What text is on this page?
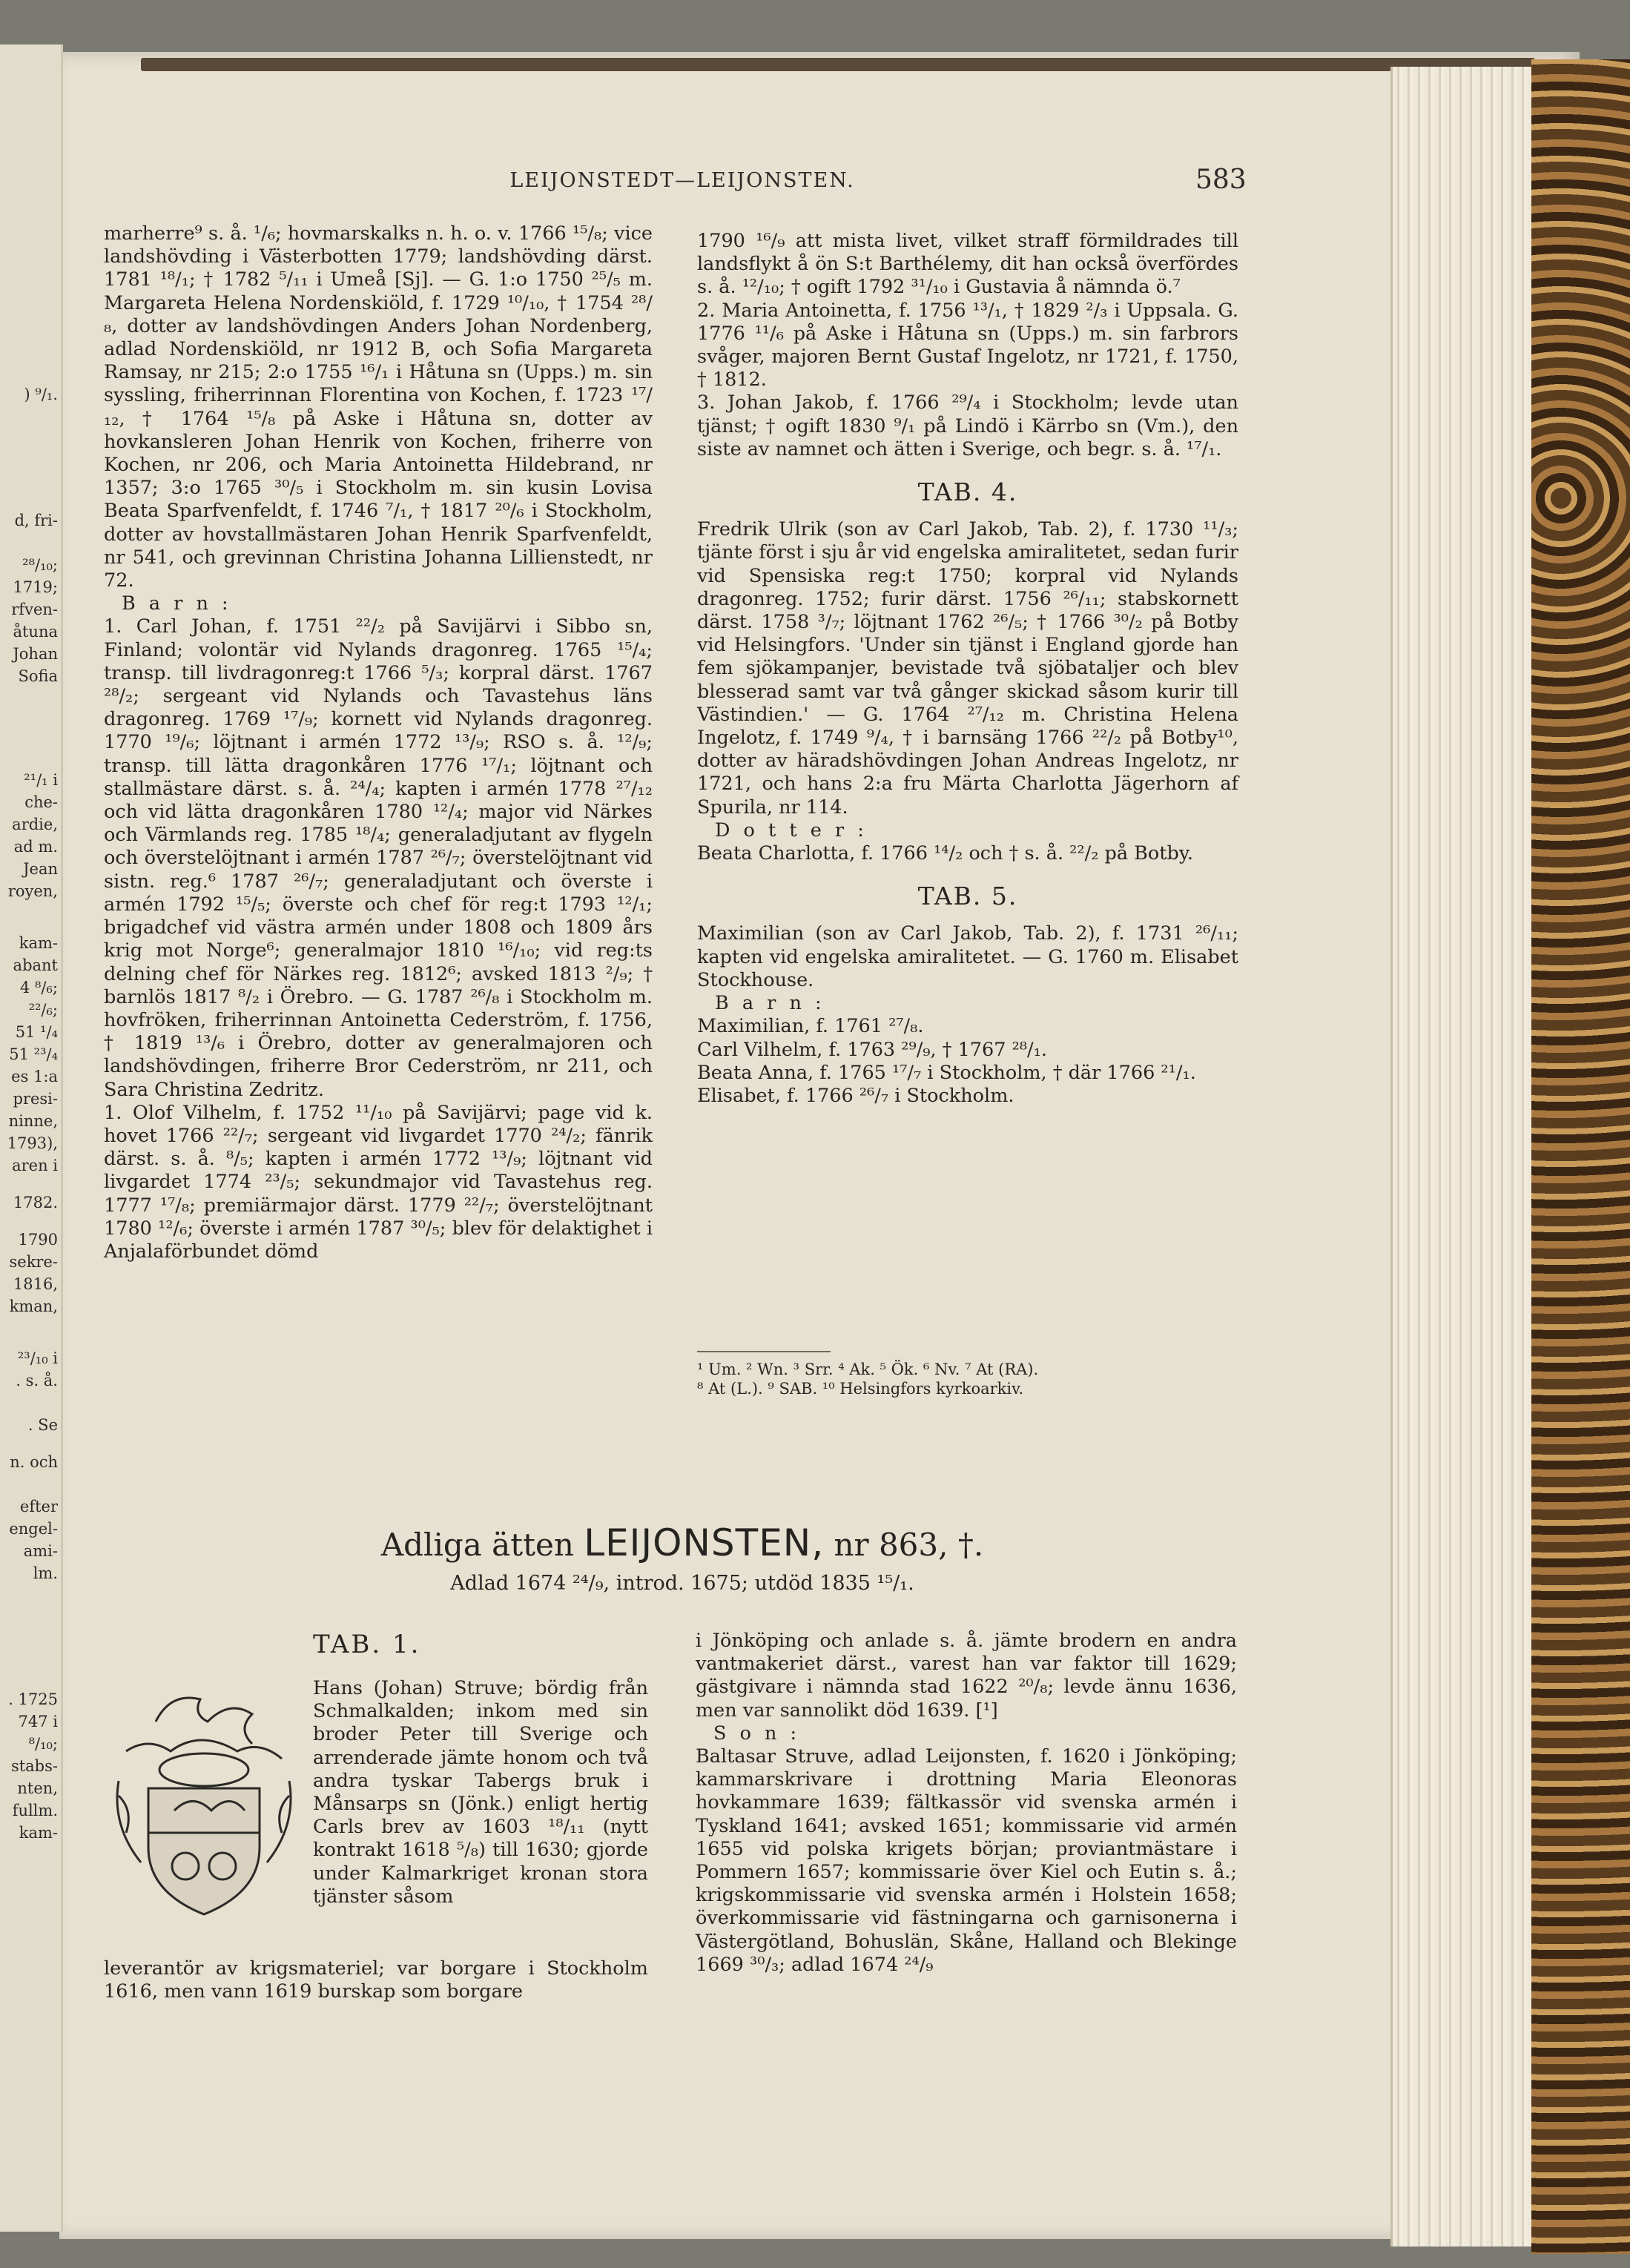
) ⁹/₁.
d, fri-
²⁸/₁₀;
1719;
rfven-
åtuna
Johan
Sofia
²¹/₁ i
che-
ardie,
ad m.
Jean
royen,
kam-
abant
4 ⁸/₆;
²²/₆;
51 ¹/₄
51 ²³/₄
es 1:a
presi-
ninne,
1793),
aren i
1782.
1790
sekre-
1816,
kman,
²³/₁₀ i
. s. å.
. Se
n. och
efter
engel-
ami-
lm.
. 1725
747 i
⁸/₁₀;
stabs-
nten,
fullm.
kam-
LEIJONSTEDT—LEIJONSTEN.	583

marherre⁹ s. å. ¹/₆; hovmarskalks n. h. o. v. 1766 ¹⁵/₈; vice landshövding i Västerbotten 1779; landshövding därst. 1781 ¹⁸/₁; † 1782 ⁵/₁₁ i Umeå [Sj]. — G. 1:o 1750 ²⁵/₅ m. Margareta Helena Nordenskiöld, f. 1729 ¹⁰/₁₀, † 1754 ²⁸/₈, dotter av landshövdingen Anders Johan Nordenberg, adlad Nordenskiöld, nr 1912 B, och Sofia Margareta Ramsay, nr 215; 2:o 1755 ¹⁶/₁ i Håtuna sn (Upps.) m. sin syssling, friherrinnan Florentina von Kochen, f. 1723 ¹⁷/₁₂, † 1764 ¹⁵/₈ på Aske i Håtuna sn, dotter av hovkansleren Johan Henrik von Kochen, friherre von Kochen, nr 206, och Maria Antoinetta Hildebrand, nr 1357; 3:o 1765 ³⁰/₅ i Stockholm m. sin kusin Lovisa Beata Sparfvenfeldt, f. 1746 ⁷/₁, † 1817 ²⁰/₆ i Stockholm, dotter av hovstallmästaren Johan Henrik Sparfvenfeldt, nr 541, och grevinnan Christina Johanna Lillienstedt, nr 72.

B a r n :

1. Carl Johan, f. 1751 ²²/₂ på Savijärvi i Sibbo sn, Finland; volontär vid Nylands dragonreg. 1765 ¹⁵/₄; transp. till livdragonreg:t 1766 ⁵/₃; korpral därst. 1767 ²⁸/₂; sergeant vid Nylands och Tavastehus läns dragonreg. 1769 ¹⁷/₉; kornett vid Nylands dragonreg. 1770 ¹⁹/₆; löjtnant i armén 1772 ¹³/₉; RSO s. å. ¹²/₉; transp. till lätta dragonkåren 1776 ¹⁷/₁; löjtnant och stallmästare därst. s. å. ²⁴/₄; kapten i armén 1778 ²⁷/₁₂ och vid lätta dragonkåren 1780 ¹²/₄; major vid Närkes och Värmlands reg. 1785 ¹⁸/₄; generaladjutant av flygeln och överstelöjtnant i armén 1787 ²⁶/₇; överstelöjtnant vid sistn. reg.⁶ 1787 ²⁶/₇; generaladjutant och överste i armén 1792 ¹⁵/₅; överste och chef för reg:t 1793 ¹²/₁; brigadchef vid västra armén under 1808 och 1809 års krig mot Norge⁶; generalmajor 1810 ¹⁶/₁₀; vid reg:ts delning chef för Närkes reg. 1812⁶; avsked 1813 ²/₉; † barnlös 1817 ⁸/₂ i Örebro. — G. 1787 ²⁶/₈ i Stockholm m. hovfröken, friherrinnan Antoinetta Cederström, f. 1756, † 1819 ¹³/₆ i Örebro, dotter av generalmajoren och landshövdingen, friherre Bror Cederström, nr 211, och Sara Christina Zedritz.

1. Olof Vilhelm, f. 1752 ¹¹/₁₀ på Savijärvi; page vid k. hovet 1766 ²²/₇; sergeant vid livgardet 1770 ²⁴/₂; fänrik därst. s. å. ⁸/₅; kapten i armén 1772 ¹³/₉; löjtnant vid livgardet 1774 ²³/₅; sekundmajor vid Tavastehus reg. 1777 ¹⁷/₈; premiärmajor därst. 1779 ²²/₇; överstelöjtnant 1780 ¹²/₆; överste i armén 1787 ³⁰/₅; blev för delaktighet i Anjalaförbundet dömd

1790 ¹⁶/₉ att mista livet, vilket straff förmildrades till landsflykt å ön S:t Barthélemy, dit han också överfördes s. å. ¹²/₁₀; † ogift 1792 ³¹/₁₀ i Gustavia å nämnda ö.⁷

2. Maria Antoinetta, f. 1756 ¹³/₁, † 1829 ²/₃ i Uppsala. G. 1776 ¹¹/₆ på Aske i Håtuna sn (Upps.) m. sin farbrors svåger, majoren Bernt Gustaf Ingelotz, nr 1721, f. 1750, † 1812.

3. Johan Jakob, f. 1766 ²⁹/₄ i Stockholm; levde utan tjänst; † ogift 1830 ⁹/₁ på Lindö i Kärrbo sn (Vm.), den siste av namnet och ätten i Sverige, och begr. s. å. ¹⁷/₁.

TAB. 4.

Fredrik Ulrik (son av Carl Jakob, Tab. 2), f. 1730 ¹¹/₃; tjänte först i sju år vid engelska amiralitetet, sedan furir vid Spensiska reg:t 1750; korpral vid Nylands dragonreg. 1752; furir därst. 1756 ²⁶/₁₁; stabskornett därst. 1758 ³/₇; löjtnant 1762 ²⁶/₅; † 1766 ³⁰/₂ på Botby vid Helsingfors. 'Under sin tjänst i England gjorde han fem sjökampanjer, bevistade två sjöbataljer och blev blesserad samt var två gånger skickad såsom kurir till Västindien.' — G. 1764 ²⁷/₁₂ m. Christina Helena Ingelotz, f. 1749 ⁹/₄, † i barnsäng 1766 ²²/₂ på Botby¹⁰, dotter av häradshövdingen Johan Andreas Ingelotz, nr 1721, och hans 2:a fru Märta Charlotta Jägerhorn af Spurila, nr 114.

D o t t e r :

Beata Charlotta, f. 1766 ¹⁴/₂ och † s. å. ²²/₂ på Botby.

TAB. 5.

Maximilian (son av Carl Jakob, Tab. 2), f. 1731 ²⁶/₁₁; kapten vid engelska amiralitetet. — G. 1760 m. Elisabet Stockhouse.

B a r n :

Maximilian, f. 1761 ²⁷/₈.

Carl Vilhelm, f. 1763 ²⁹/₉, † 1767 ²⁸/₁.

Beata Anna, f. 1765 ¹⁷/₇ i Stockholm, † där 1766 ²¹/₁.

Elisabet, f. 1766 ²⁶/₇ i Stockholm.

¹ Um. ² Wn. ³ Srr. ⁴ Ak. ⁵ Ök. ⁶ Nv. ⁷ At (RA).
⁸ At (L.). ⁹ SAB. ¹⁰ Helsingfors kyrkoarkiv.
Adliga ätten LEIJONSTEN, nr 863, †.
Adlad 1674 ²⁴/₉, introd. 1675; utdöd 1835 ¹⁵/₁.
TAB. 1.

Hans (Johan) Struve; bördig från Schmalkalden; inkom med sin broder Peter till Sverige och arrenderade jämte honom och två andra tyskar Tabergs bruk i Månsarps sn (Jönk.) enligt hertig Carls brev av 1603 ¹⁸/₁₁ (nytt kontrakt 1618 ⁵/₈) till 1630; gjorde under Kalmarkriget kronan stora tjänster såsom

leverantör av krigsmateriel; var borgare i Stockholm 1616, men vann 1619 burskap som borgare

i Jönköping och anlade s. å. jämte brodern en andra vantmakeriet därst., varest han var faktor till 1629; gästgivare i nämnda stad 1622 ²⁰/₈; levde ännu 1636, men var sannolikt död 1639. [¹]

S o n :

Baltasar Struve, adlad Leijonsten, f. 1620 i Jönköping; kammarskrivare i drottning Maria Eleonoras hovkammare 1639; fältkassör vid svenska armén i Tyskland 1641; avsked 1651; kommissarie vid armén 1655 vid polska krigets början; proviantmästare i Pommern 1657; kommissarie över Kiel och Eutin s. å.; krigskommissarie vid svenska armén i Holstein 1658; överkommissarie vid fästningarna och garnisonerna i Västergötland, Bohuslän, Skåne, Halland och Blekinge 1669 ³⁰/₃; adlad 1674 ²⁴/₉
